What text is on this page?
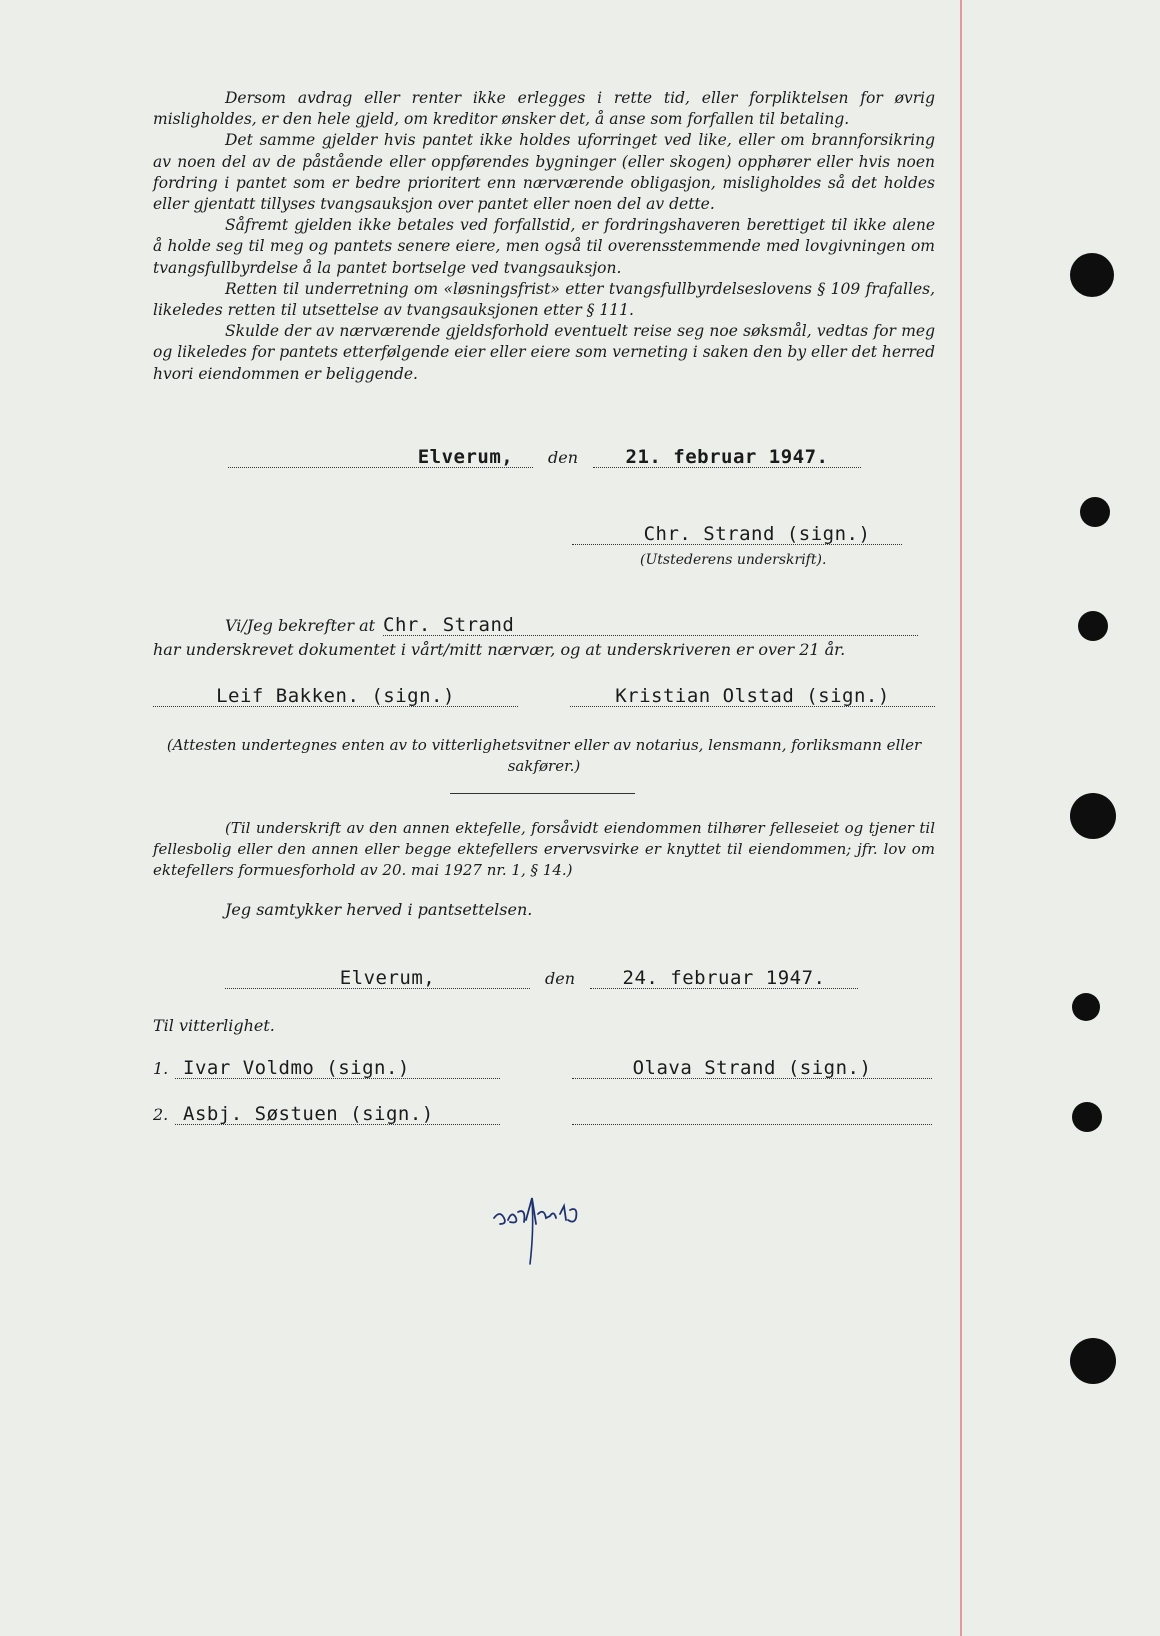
Dersom avdrag eller renter ikke erlegges i rette tid, eller forpliktelsen for øvrig misligholdes, er den hele gjeld, om kreditor ønsker det, å anse som forfallen til betaling.

Det samme gjelder hvis pantet ikke holdes uforringet ved like, eller om brannforsikring av noen del av de påstående eller oppførendes bygninger (eller skogen) opphører eller hvis noen fordring i pantet som er bedre prioritert enn nærværende obligasjon, misligholdes så det holdes eller gjentatt tillyses tvangsauksjon over pantet eller noen del av dette.

Såfremt gjelden ikke betales ved forfallstid, er fordringshaveren berettiget til ikke alene å holde seg til meg og pantets senere eiere, men også til overensstemmende med lovgivningen om tvangsfullbyrdelse å la pantet bortselge ved tvangsauksjon.

Retten til underretning om «løsningsfrist» etter tvangsfullbyrdelseslovens § 109 frafalles, likeledes retten til utsettelse av tvangsauksjonen etter § 111.

Skulde der av nærværende gjeldsforhold eventuelt reise seg noe søksmål, vedtas for meg og likeledes for pantets etterfølgende eier eller eiere som verneting i saken den by eller det herred hvori eiendommen er beliggende.

Elverum,	den	21. februar 1947.
Chr. Strand (sign.)
(Utstederens underskrift).
Vi/Jeg bekrefter at Chr. Strand
har underskrevet dokumentet i vårt/mitt nærvær, og at underskriveren er over 21 år.
Leif Bakken. (sign.)	Kristian Olstad (sign.)
(Attesten undertegnes enten av to vitterlighetsvitner eller av notarius, lensmann, forliksmann eller sakfører.)

(Til underskrift av den annen ektefelle, forsåvidt eiendommen tilhører felleseiet og tjener til fellesbolig eller den annen eller begge ektefellers ervervsvirke er knyttet til eiendommen; jfr. lov om ektefellers formuesforhold av 20. mai 1927 nr. 1, § 14.)

Jeg samtykker herved i pantsettelsen.
Elverum,	den	24. februar 1947.
Til vitterlighet.
1. Ivar Voldmo (sign.)	Olava Strand (sign.)
2. Asbj. Søstuen (sign.)
